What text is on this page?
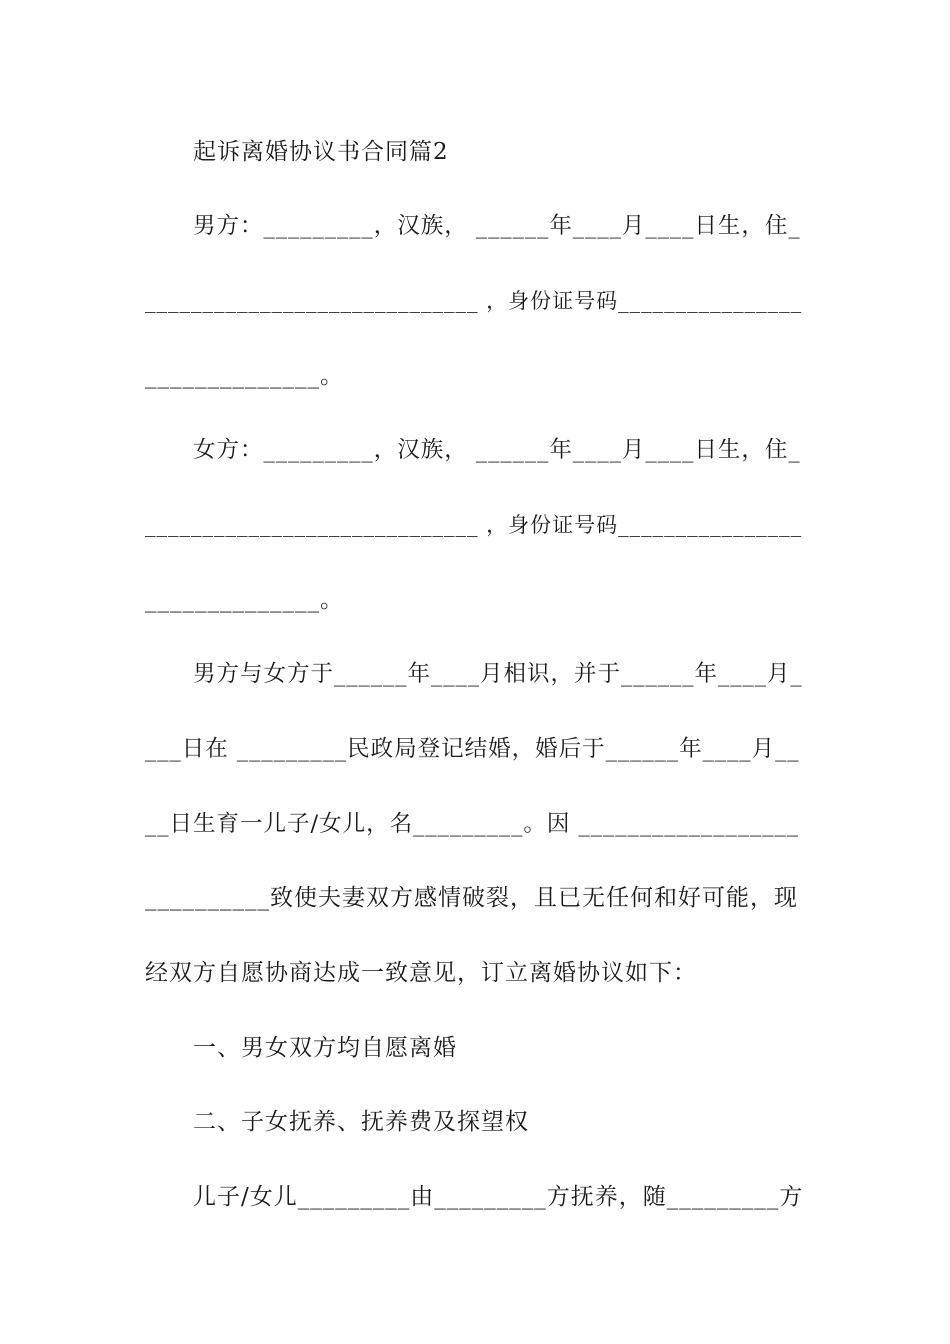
起诉离婚协议书合同篇2
男方：_________，汉族， ______年____月____日生，住_
_____________________________ ，身份证号码________________
______________。
女方：_________，汉族， ______年____月____日生，住_
_____________________________ ，身份证号码________________
______________。
男方与女方于______年____月相识，并于______年____月_
___日在 _________民政局登记结婚，婚后于______年____月__
__日生育一儿子/女儿，名_________。因 __________________
__________致使夫妻双方感情破裂，且已无任何和好可能，现
经双方自愿协商达成一致意见，订立离婚协议如下：
一、男女双方均自愿离婚
二、子女抚养、抚养费及探望权
儿子/女儿_________由_________方抚养，随_________方
